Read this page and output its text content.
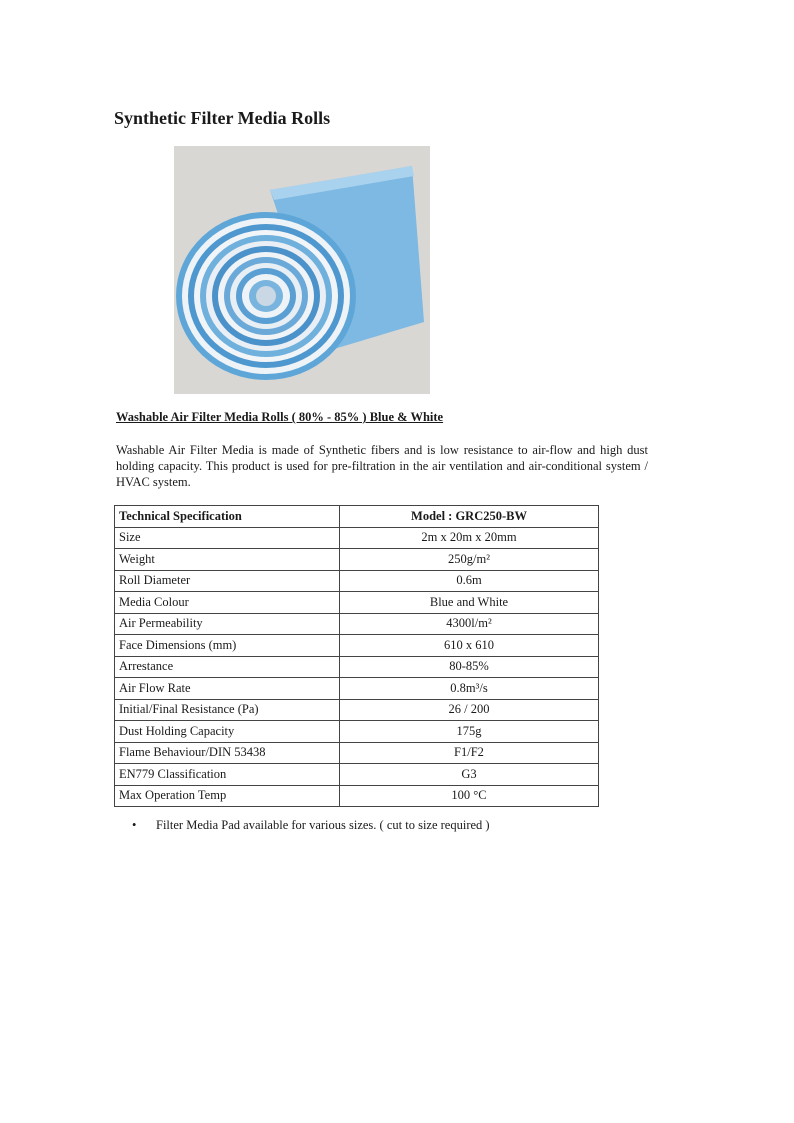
Synthetic Filter Media Rolls
Washable Air Filter Media Rolls ( 80% - 85% ) Blue & White

Washable Air Filter Media is made of Synthetic fibers and is low resistance to air-flow and high dust holding capacity. This product is used for pre-filtration in the air ventilation and air-conditional system / HVAC system.

Technical Specification	Model : GRC250-BW
Size	2m x 20m x 20mm
Weight	250g/m²
Roll Diameter	0.6m
Media Colour	Blue and White
Air Permeability	4300l/m²
Face Dimensions (mm)	610 x 610
Arrestance	80-85%
Air Flow Rate	0.8m³/s
Initial/Final Resistance (Pa)	26 / 200
Dust Holding Capacity	175g
Flame Behaviour/DIN 53438	F1/F2
EN779 Classification	G3
Max Operation Temp	100 °C
•	Filter Media Pad available for various sizes. ( cut to size required )
